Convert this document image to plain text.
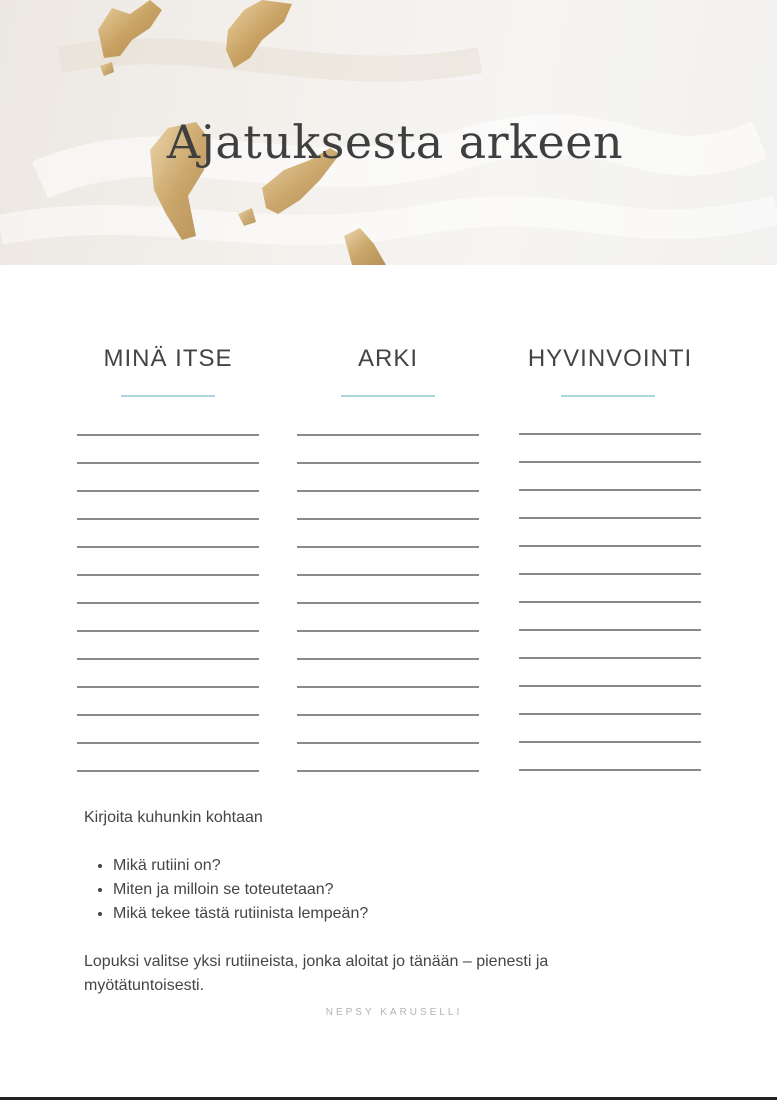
Ajatuksesta arkeen
MINÄ ITSE	ARKI	HYVINVOINTI

Kirjoita kuhunkin kohtaan

• Mikä rutiini on?
• Miten ja milloin se toteutetaan?
• Mikä tekee tästä rutiinista lempeän?

Lopuksi valitse yksi rutiineista, jonka aloitat jo tänään – pienesti ja myötätuntoisesti.

NEPSY KARUSELLI
